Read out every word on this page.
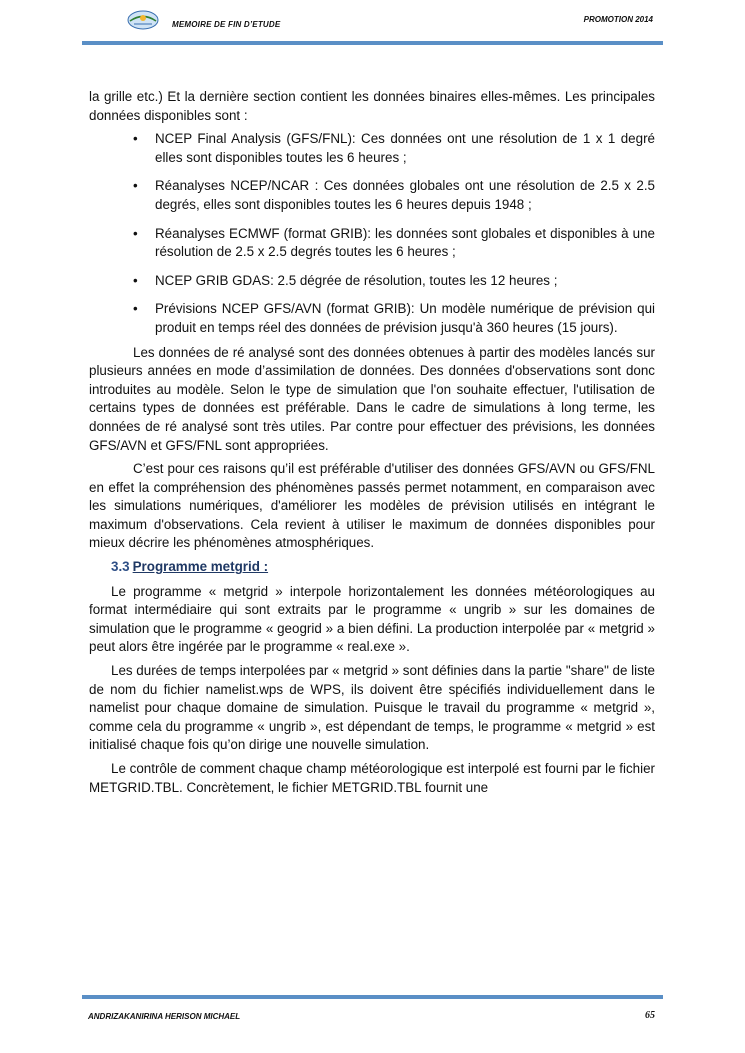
MEMOIRE DE FIN D’ETUDE
PROMOTION 2014

la grille etc.) Et la dernière section contient les données binaires elles-mêmes. Les principales données disponibles sont :

• NCEP Final Analysis (GFS/FNL): Ces données ont une résolution de 1 x 1 degré elles sont disponibles toutes les 6 heures ;
• Réanalyses NCEP/NCAR : Ces données globales ont une résolution de 2.5 x 2.5 degrés, elles sont disponibles toutes les 6 heures depuis 1948 ;
• Réanalyses ECMWF (format GRIB): les données sont globales et disponibles à une résolution de 2.5 x 2.5 degrés toutes les 6 heures ;
• NCEP GRIB GDAS: 2.5 dégrée de résolution, toutes les 12 heures ;
• Prévisions NCEP GFS/AVN (format GRIB): Un modèle numérique de prévision qui produit en temps réel des données de prévision jusqu'à 360 heures (15 jours).

Les données de ré analysé sont des données obtenues à partir des modèles lancés sur plusieurs années en mode d’assimilation de données. Des données d'observations sont donc introduites au modèle. Selon le type de simulation que l'on souhaite effectuer, l'utilisation de certains types de données est préférable. Dans le cadre de simulations à long terme, les données de ré analysé sont très utiles. Par contre pour effectuer des prévisions, les données GFS/AVN et GFS/FNL sont appropriées.

C’est pour ces raisons qu’il est préférable d'utiliser des données GFS/AVN ou GFS/FNL en effet la compréhension des phénomènes passés permet notamment, en comparaison avec les simulations numériques, d'améliorer les modèles de prévision utilisés en intégrant le maximum d'observations. Cela revient à utiliser le maximum de données disponibles pour mieux décrire les phénomènes atmosphériques.

3.3 Programme metgrid :

Le programme « metgrid » interpole horizontalement les données météorologiques au format intermédiaire qui sont extraits par le programme « ungrib » sur les domaines de simulation que le programme « geogrid » a bien défini. La production interpolée par « metgrid » peut alors être ingérée par le programme « real.exe ».

Les durées de temps interpolées par « metgrid » sont définies dans la partie "share" de liste de nom du fichier namelist.wps de WPS, ils doivent être spécifiés individuellement dans le namelist pour chaque domaine de simulation. Puisque le travail du programme « metgrid », comme cela du programme « ungrib », est dépendant de temps, le programme « metgrid » est initialisé chaque fois qu’on dirige une nouvelle simulation.

Le contrôle de comment chaque champ météorologique est interpolé est fourni par le fichier METGRID.TBL. Concrètement, le fichier METGRID.TBL fournit une

ANDRIZAKANIRINA HERISON MICHAEL	65
